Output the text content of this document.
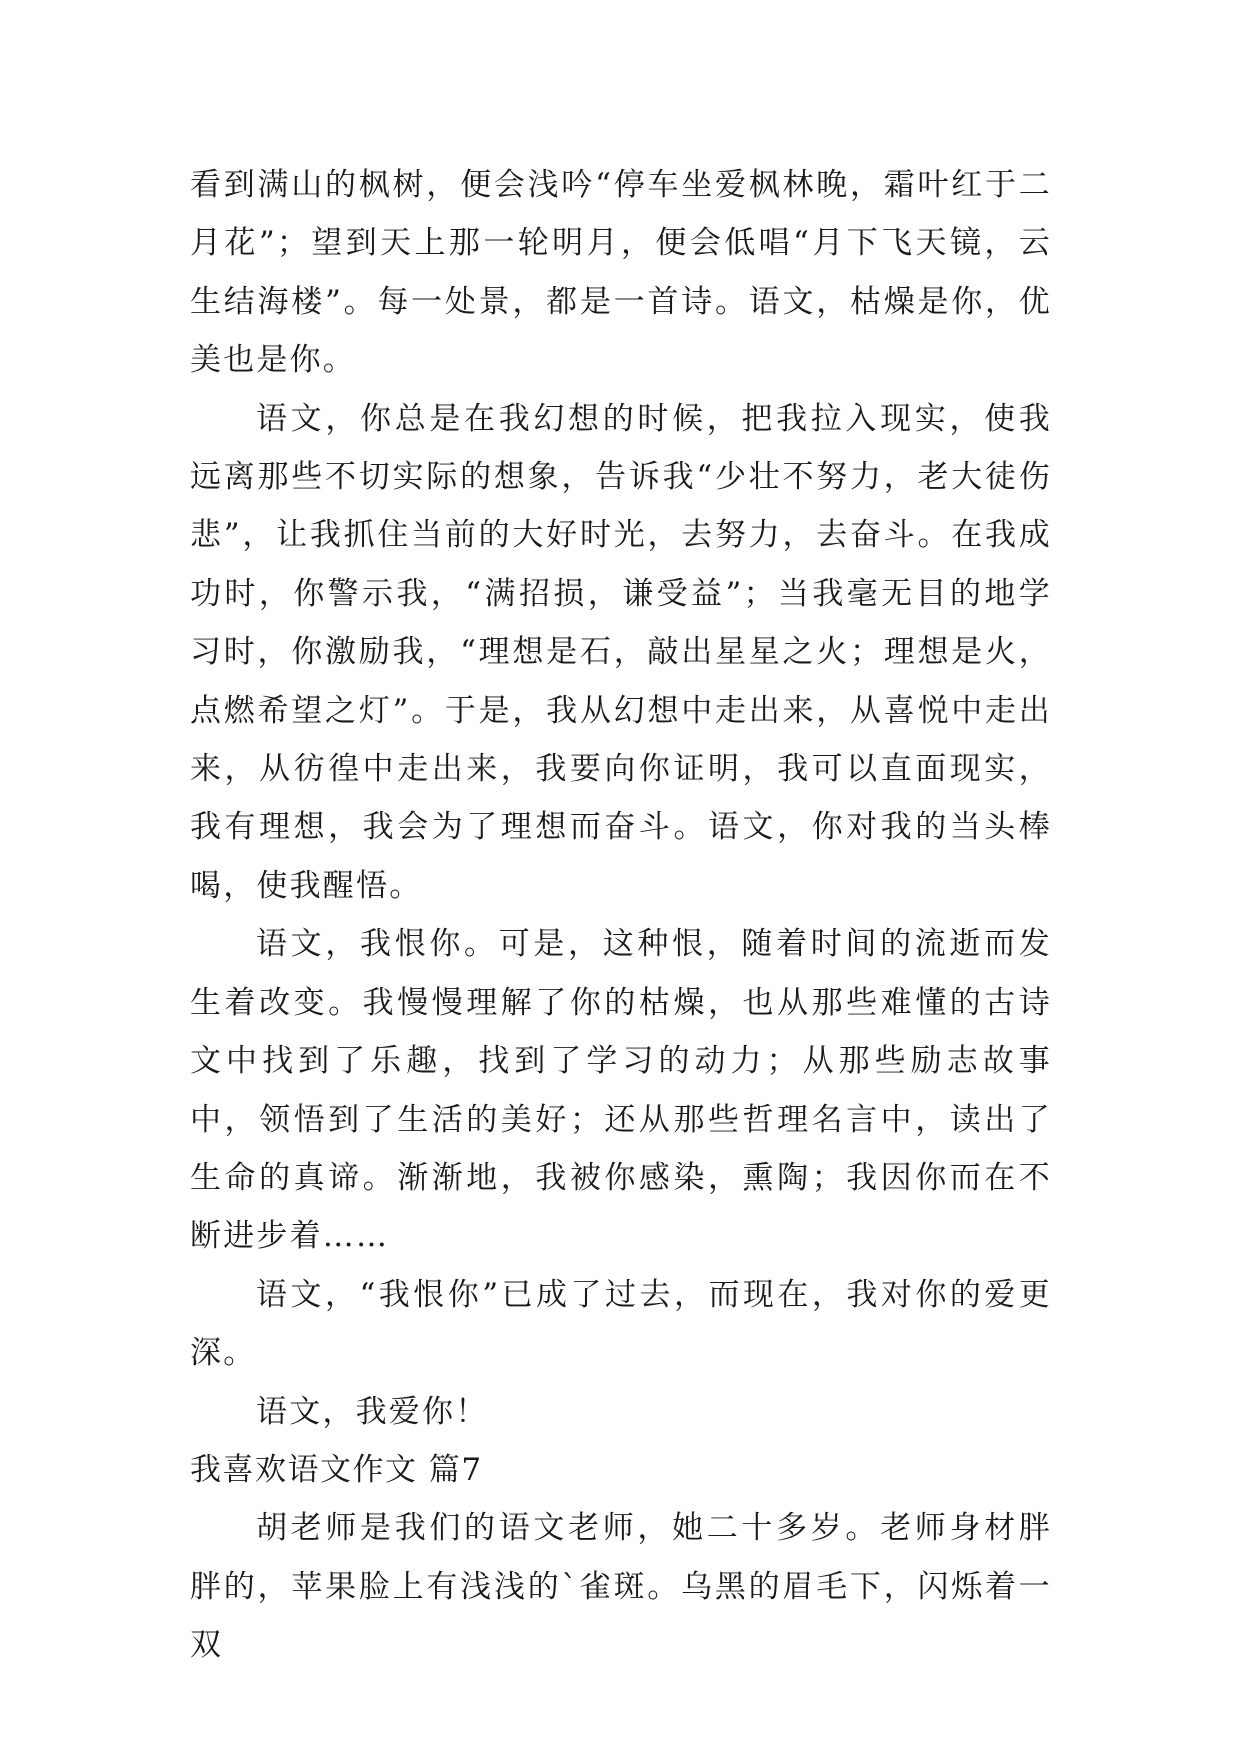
看到满山的枫树，便会浅吟“停车坐爱枫林晚，霜叶红于二月花”；望到天上那一轮明月，便会低唱“月下飞天镜，云生结海楼”。每一处景，都是一首诗。语文，枯燥是你，优美也是你。

语文，你总是在我幻想的时候，把我拉入现实，使我远离那些不切实际的想象，告诉我“少壮不努力，老大徒伤悲”，让我抓住当前的大好时光，去努力，去奋斗。在我成功时，你警示我，“满招损，谦受益”；当我毫无目的地学习时，你激励我，“理想是石，敲出星星之火；理想是火，点燃希望之灯”。于是，我从幻想中走出来，从喜悦中走出来，从彷徨中走出来，我要向你证明，我可以直面现实，我有理想，我会为了理想而奋斗。语文，你对我的当头棒喝，使我醒悟。

语文，我恨你。可是，这种恨，随着时间的流逝而发生着改变。我慢慢理解了你的枯燥，也从那些难懂的古诗文中找到了乐趣，找到了学习的动力；从那些励志故事中，领悟到了生活的美好；还从那些哲理名言中，读出了生命的真谛。渐渐地，我被你感染，熏陶；我因你而在不断进步着……

语文，“我恨你”已成了过去，而现在，我对你的爱更深。

语文，我爱你！

我喜欢语文作文 篇7

胡老师是我们的语文老师，她二十多岁。老师身材胖胖的，苹果脸上有浅浅的`雀斑。乌黑的眉毛下，闪烁着一双
